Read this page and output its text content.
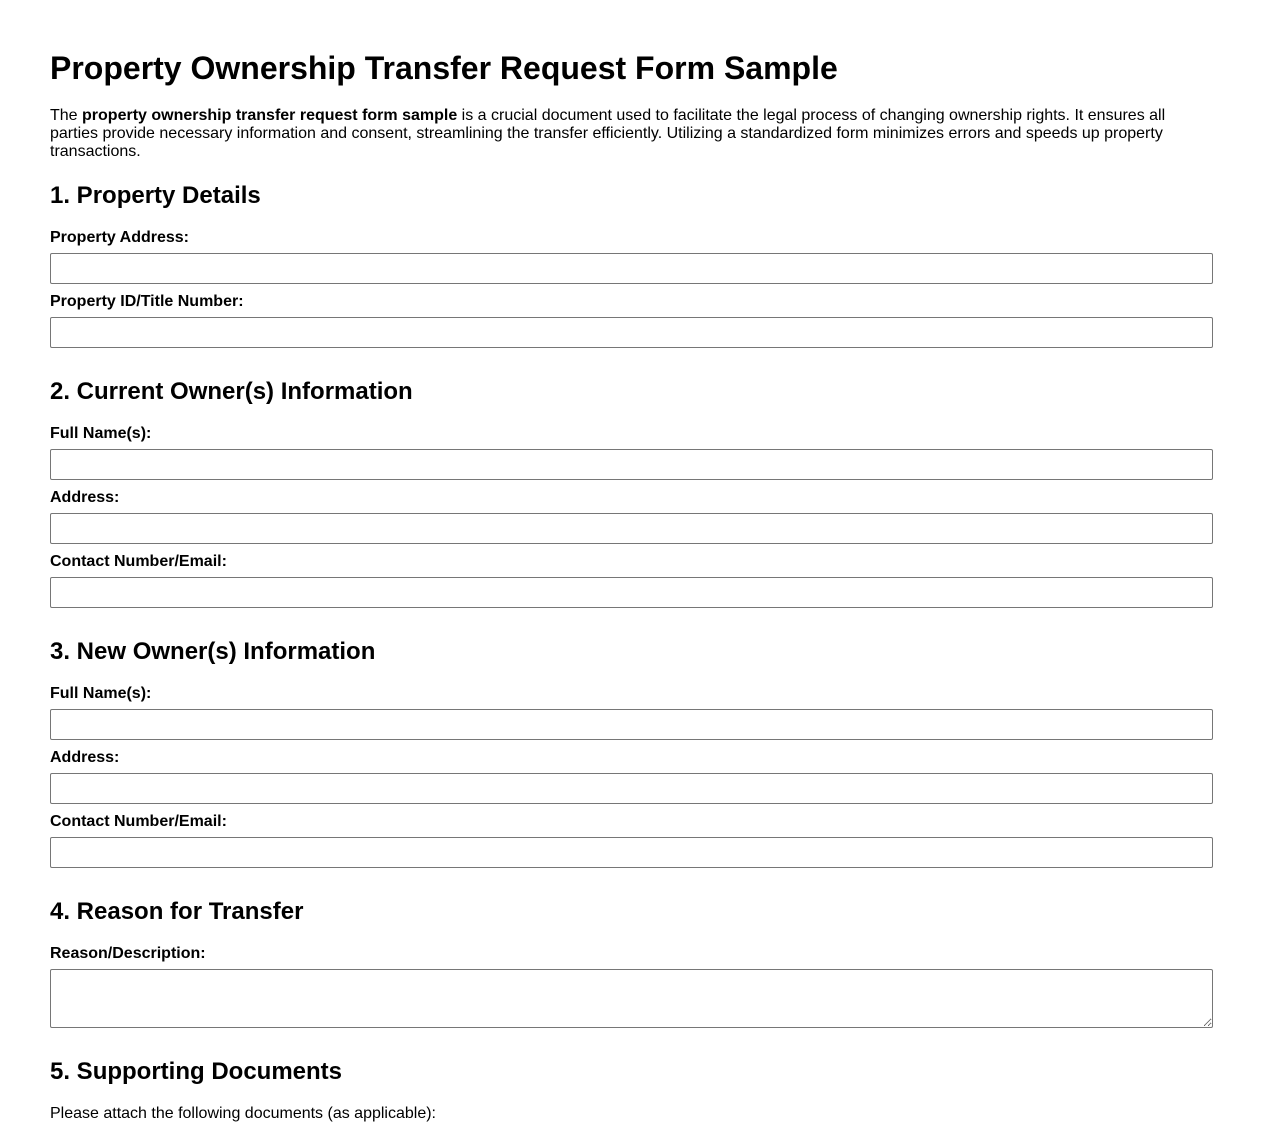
Property Ownership Transfer Request Form Sample

The property ownership transfer request form sample is a crucial document used to facilitate the legal process of changing ownership rights. It ensures all parties provide necessary information and consent, streamlining the transfer efficiently. Utilizing a standardized form minimizes errors and speeds up property transactions.

1. Property Details
Property Address:
Property ID/Title Number:
2. Current Owner(s) Information
Full Name(s):
Address:
Contact Number/Email:
3. New Owner(s) Information
Full Name(s):
Address:
Contact Number/Email:
4. Reason for Transfer
Reason/Description:
5. Supporting Documents

Please attach the following documents (as applicable):
